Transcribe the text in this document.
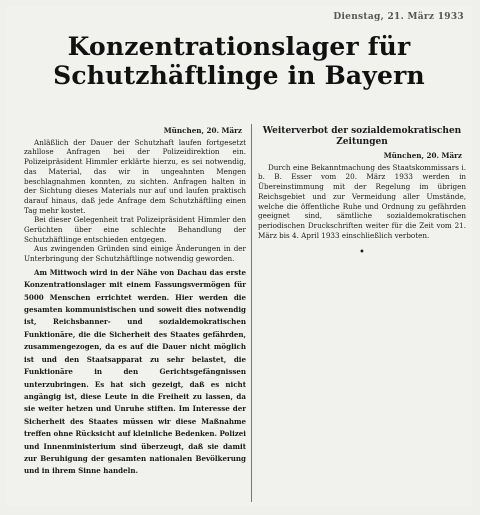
Dienstag, 21. März 1933
Konzentrationslager für Schutzhäftlinge in Bayern
München, 20. März

Anläßlich der Dauer der Schutzhaft laufen fortgesetzt zahllose Anfragen bei der Polizeidirektion ein. Polizeipräsident Himmler erklärte hierzu, es sei notwendig, das Material, das wir in ungeahnten Mengen beschlagnahmen konnten, zu sichten. Anfragen halten in der Sichtung dieses Materials nur auf und laufen praktisch darauf hinaus, daß jede Anfrage dem Schutzhäftling einen Tag mehr kostet.

Bei dieser Gelegenheit trat Polizeipräsident Himmler den Gerüchten über eine schlechte Behandlung der Schutzhäftlinge entschieden entgegen.

Aus zwingenden Gründen sind einige Änderungen in der Unterbringung der Schutzhäftlinge notwendig geworden.

Am Mittwoch wird in der Nähe von Dachau das erste Konzentrationslager mit einem Fassungsvermögen für 5000 Menschen errichtet werden. Hier werden die gesamten kommunistischen und soweit dies notwendig ist, Reichsbanner- und sozialdemokratischen Funktionäre, die die Sicherheit des Staates gefährden, zusammengezogen, da es auf die Dauer nicht möglich ist und den Staatsapparat zu sehr belastet, die Funktionäre in den Gerichtsgefängnissen unterzubringen. Es hat sich gezeigt, daß es nicht angängig ist, diese Leute in die Freiheit zu lassen, da sie weiter hetzen und Unruhe stiften. Im Interesse der Sicherheit des Staates müssen wir diese Maßnahme treffen ohne Rücksicht auf kleinliche Bedenken. Polizei und Innenministerium sind überzeugt, daß sie damit zur Beruhigung der gesamten nationalen Bevölkerung und in ihrem Sinne handeln.

Weiterverbot der sozialdemokratischen Zeitungen
München, 20. März

Durch eine Bekanntmachung des Staatskommissars i. b. B. Esser vom 20. März 1933 werden in Übereinstimmung mit der Regelung im übrigen Reichsgebiet und zur Vermeidung aller Umstände, welche die öffentliche Ruhe und Ordnung zu gefährden geeignet sind, sämtliche sozialdemokratischen periodischen Druckschriften weiter für die Zeit vom 21. März bis 4. April 1933 einschließlich verboten.

•
